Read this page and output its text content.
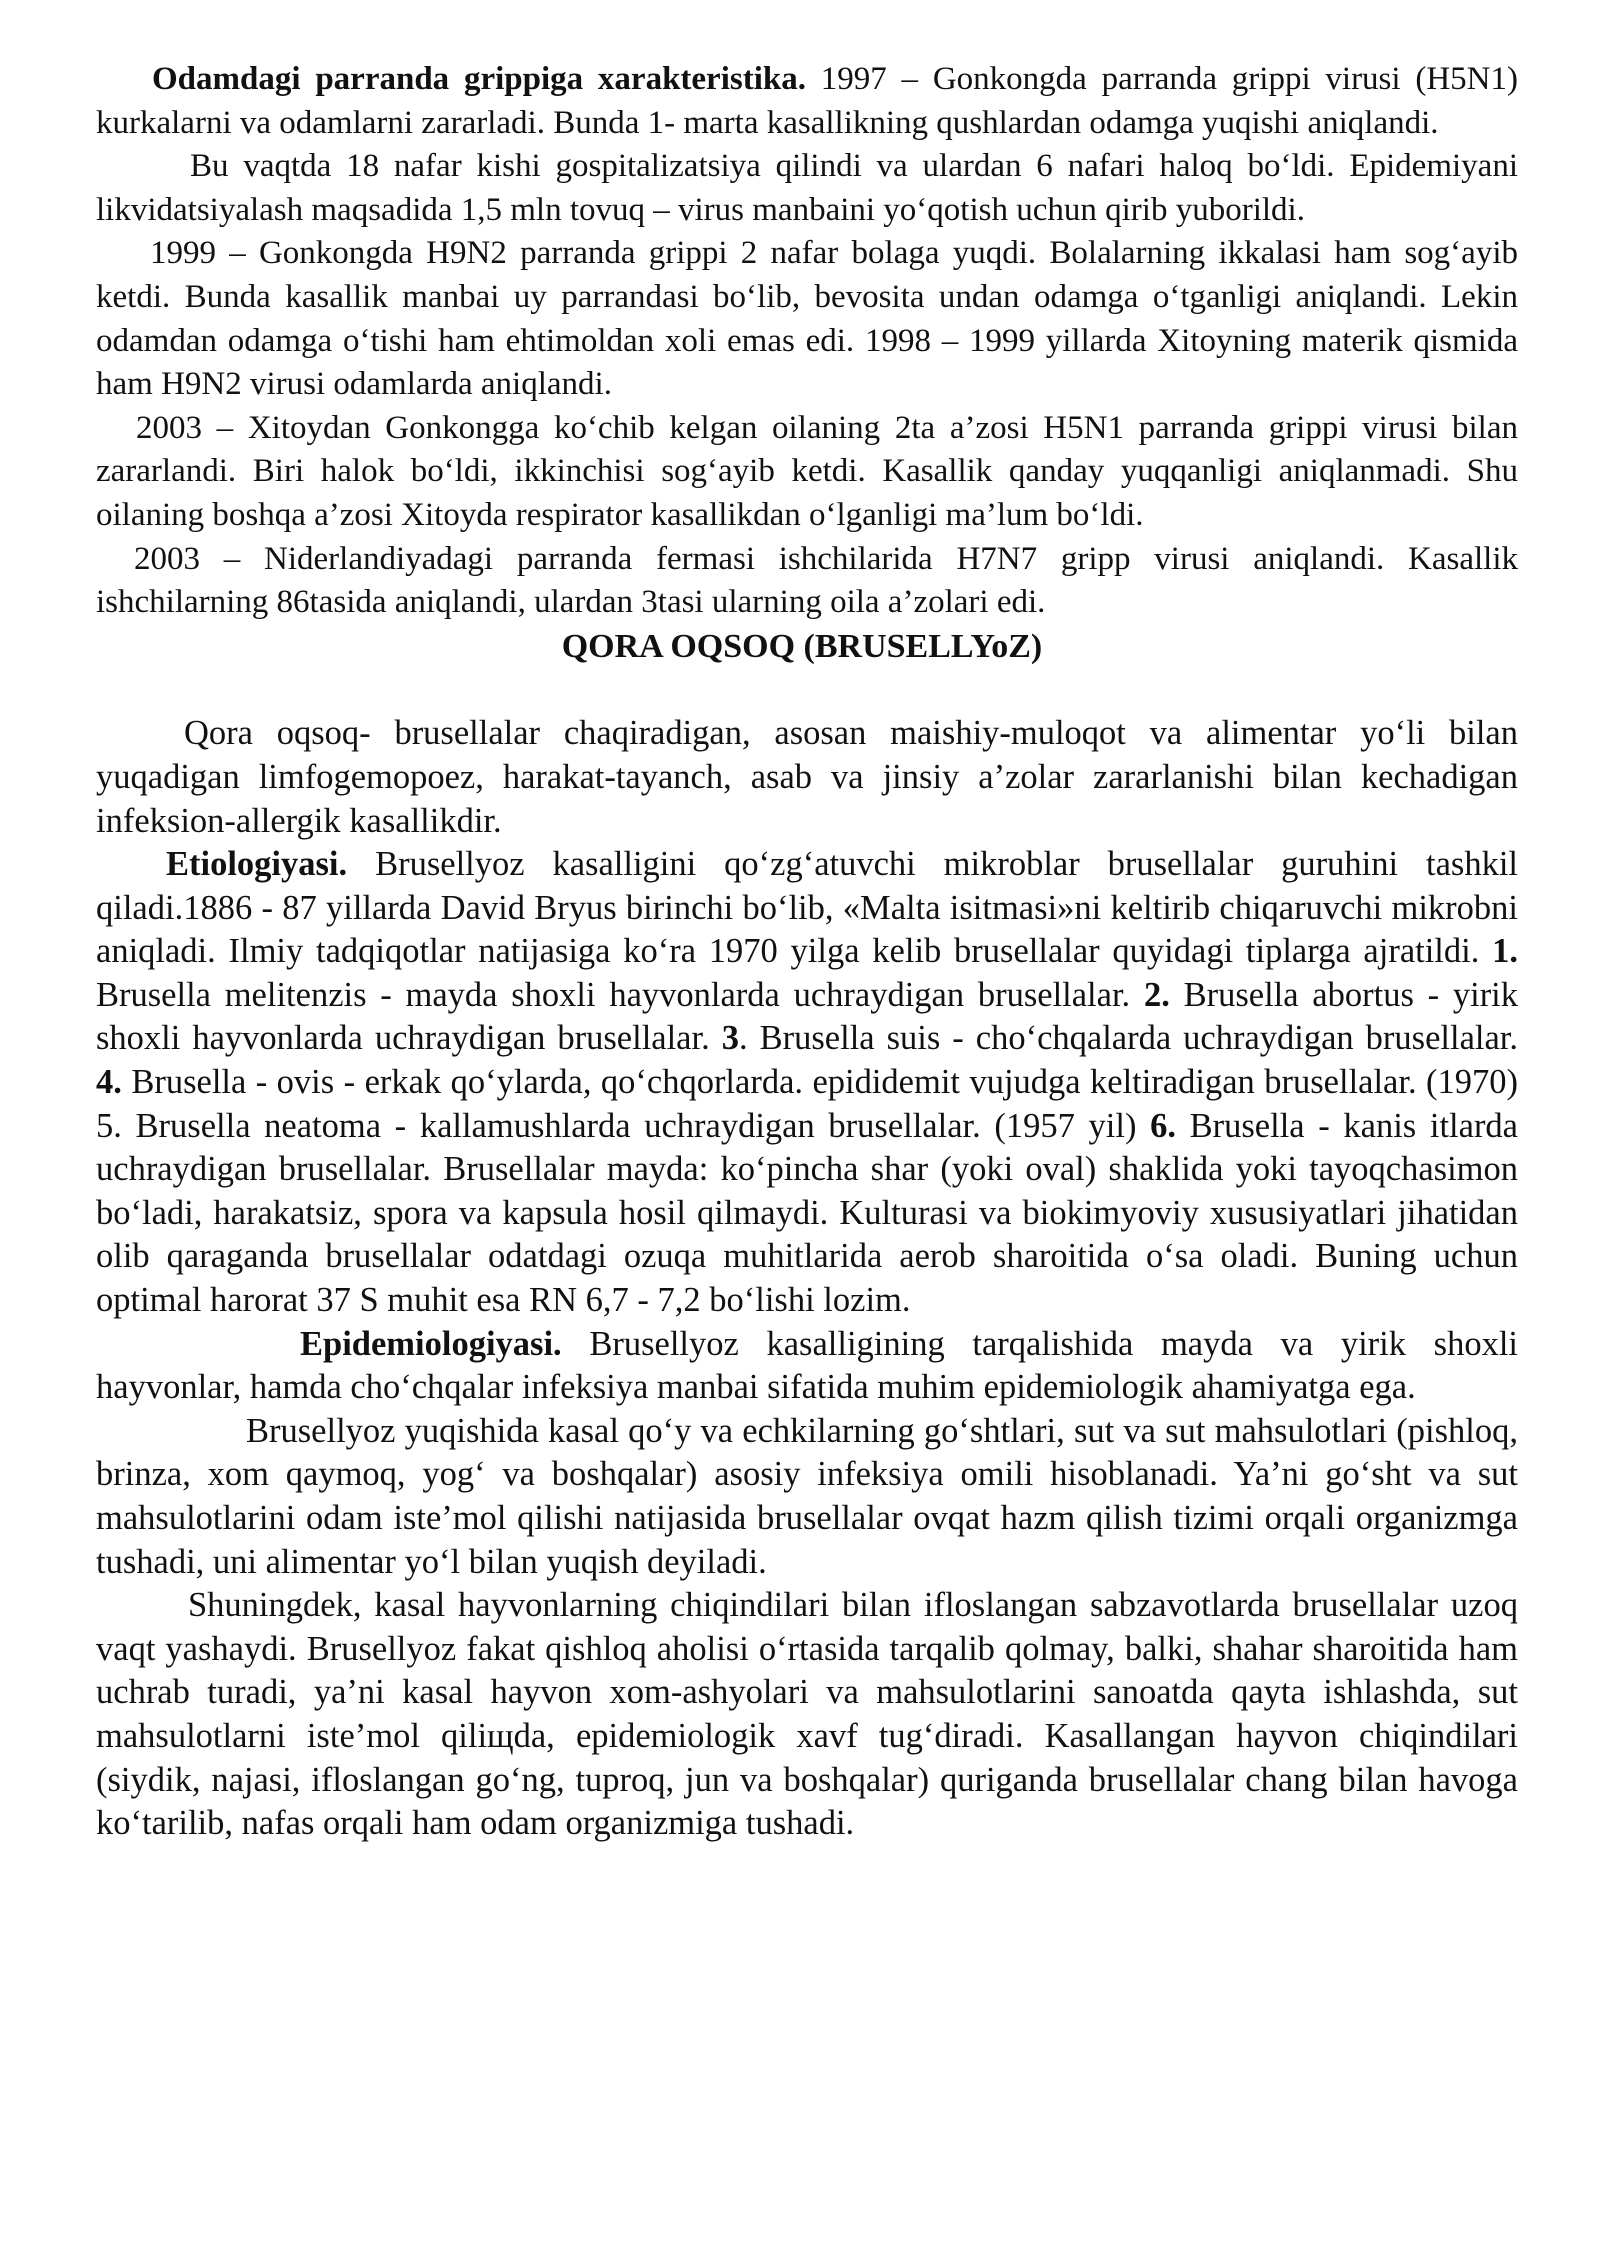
Odamdagi parranda grippiga xarakteristika. 1997 – Gonkongda parranda grippi virusi (H5N1) kurkalarni va odamlarni zararladi. Bunda 1- marta kasallikning qushlardan odamga yuqishi aniqlandi.

Bu vaqtda 18 nafar kishi gospitalizatsiya qilindi va ulardan 6 nafari haloq boʻldi. Epidemiyani likvidatsiyalash maqsadida 1,5 mln tovuq – virus manbaini yoʻqotish uchun qirib yuborildi.

1999 – Gonkongda H9N2 parranda grippi 2 nafar bolaga yuqdi. Bolalarning ikkalasi ham sogʻayib ketdi. Bunda kasallik manbai uy parrandasi boʻlib, bevosita undan odamga oʻtganligi aniqlandi. Lekin odamdan odamga oʻtishi ham ehtimoldan xoli emas edi. 1998 – 1999 yillarda Xitoyning materik qismida ham H9N2 virusi odamlarda aniqlandi.

2003 – Xitoydan Gonkongga koʻchib kelgan oilaning 2ta a’zosi H5N1 parranda grippi virusi bilan zararlandi. Biri halok boʻldi, ikkinchisi sogʻayib ketdi. Kasallik qanday yuqqanligi aniqlanmadi. Shu oilaning boshqa a’zosi Xitoyda respirator kasallikdan oʻlganligi ma’lum boʻldi.

2003 – Niderlandiyadagi parranda fermasi ishchilarida H7N7 gripp virusi aniqlandi. Kasallik ishchilarning 86tasida aniqlandi, ulardan 3tasi ularning oila a’zolari edi.

QORA OQSOQ (BRUSELLYoZ)

Qora oqsoq- brusellalar chaqiradigan, asosan maishiy-muloqot va alimentar yoʻli bilan yuqadigan limfogemopoez, harakat-tayanch, asab va jinsiy a’zolar zararlanishi bilan kechadigan infeksion-allergik kasallikdir.

Etiologiyasi. Brusellyoz kasalligini qoʻzgʻatuvchi mikroblar brusellalar guruhini tashkil qiladi.1886 - 87 yillarda David Bryus birinchi boʻlib, «Malta isitmasi»ni keltirib chiqaruvchi mikrobni aniqladi. Ilmiy tadqiqotlar natijasiga koʻra 1970 yilga kelib brusellalar quyidagi tiplarga ajratildi. 1. Brusella melitenzis - mayda shoxli hayvonlarda uchraydigan brusellalar. 2. Brusella abortus - yirik shoxli hayvonlarda uchraydigan brusellalar. 3. Brusella suis - choʻchqalarda uchraydigan brusellalar. 4. Brusella - ovis - erkak qoʻylarda, qoʻchqorlarda. epididemit vujudga keltiradigan brusellalar. (1970) 5. Brusella neatoma - kallamushlarda uchraydigan brusellalar. (1957 yil) 6. Brusella - kanis itlarda uchraydigan brusellalar. Brusellalar mayda: koʻpincha shar (yoki oval) shaklida yoki tayoqchasimon boʻladi, harakatsiz, spora va kapsula hosil qilmaydi. Kulturasi va biokimyoviy xususiyatlari jihatidan olib qaraganda brusellalar odatdagi ozuqa muhitlarida aerob sharoitida oʻsa oladi. Buning uchun optimal harorat 37 S muhit esa RN 6,7 - 7,2 boʻlishi lozim.

Epidemiologiyasi. Brusellyoz kasalligining tarqalishida mayda va yirik shoxli hayvonlar, hamda choʻchqalar infeksiya manbai sifatida muhim epidemiologik ahamiyatga ega.

Brusellyoz yuqishida kasal qoʻy va echkilarning goʻshtlari, sut va sut mahsulotlari (pishloq, brinza, xom qaymoq, yogʻ va boshqalar) asosiy infeksiya omili hisoblanadi. Ya’ni goʻsht va sut mahsulotlarini odam iste’mol qilishi natijasida brusellalar ovqat hazm qilish tizimi orqali organizmga tushadi, uni alimentar yoʻl bilan yuqish deyiladi.

Shuningdek, kasal hayvonlarning chiqindilari bilan ifloslangan sabzavotlarda brusellalar uzoq vaqt yashaydi. Brusellyoz fakat qishloq aholisi oʻrtasida tarqalib qolmay, balki, shahar sharoitida ham uchrab turadi, ya’ni kasal hayvon xom-ashyolari va mahsulotlarini sanoatda qayta ishlashda, sut mahsulotlarni iste’mol qiliщda, epidemiologik xavf tugʻdiradi. Kasallangan hayvon chiqindilari (siydik, najasi, ifloslangan goʻng, tuproq, jun va boshqalar) quriganda brusellalar chang bilan havoga koʻtarilib, nafas orqali ham odam organizmiga tushadi.
